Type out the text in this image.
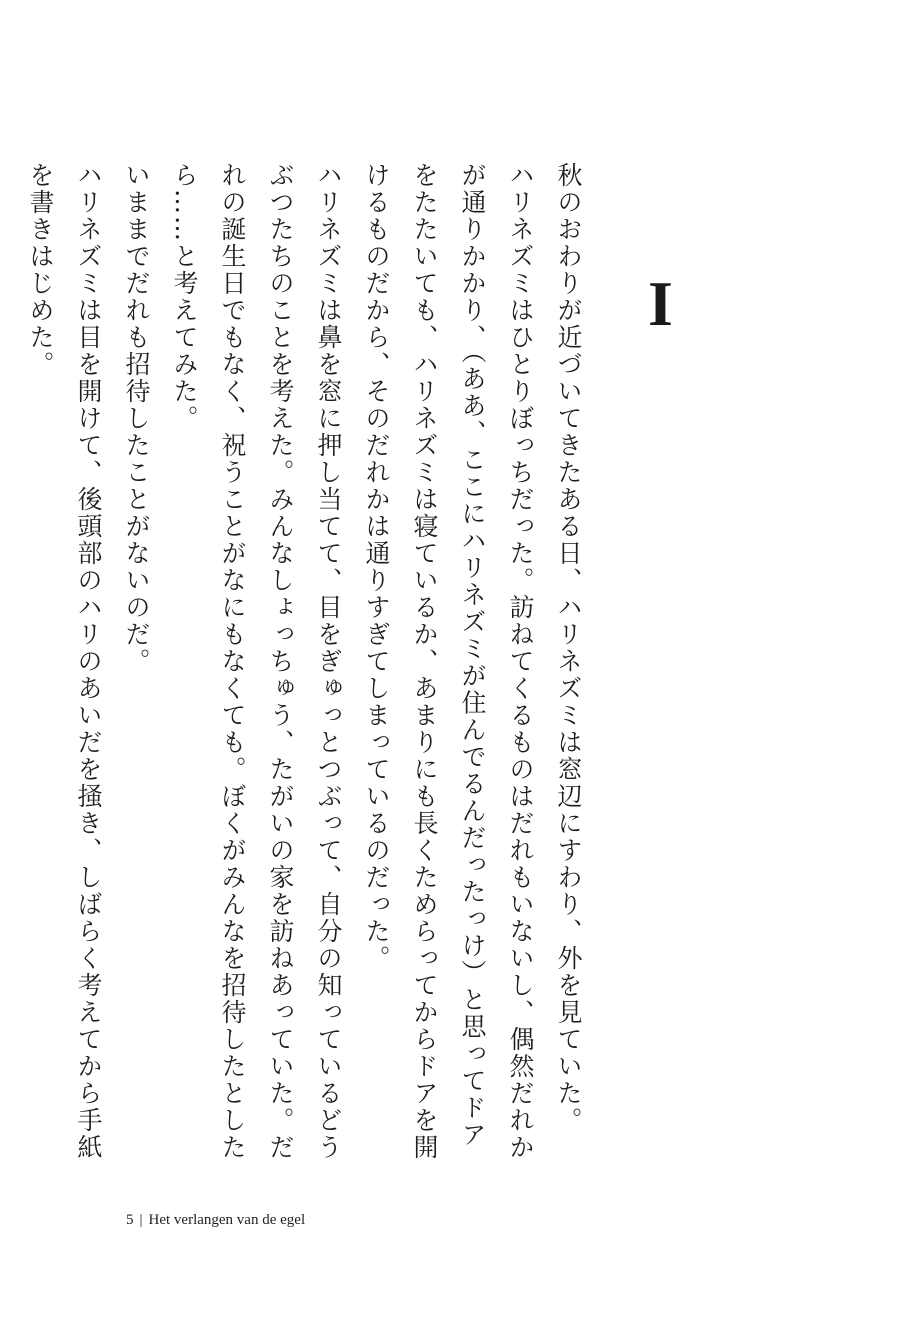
I

秋のおわりが近づいてきたある日、ハリネズミは窓辺にすわり、外を見ていた。

ハリネズミはひとりぼっちだった。訪ねてくるものはだれもいないし、偶然だれかが通りかかり、（ああ、ここにハリネズミが住んでるんだったっけ）と思ってドアをたたいても、ハリネズミは寝ているか、あまりにも長くためらってからドアを開けるものだから、そのだれかは通りすぎてしまっているのだった。

ハリネズミは鼻を窓に押し当てて、目をぎゅっとつぶって、自分の知っているどうぶつたちのことを考えた。みんなしょっちゅう、たがいの家を訪ねあっていた。だれの誕生日でもなく、祝うことがなにもなくても。ぼくがみんなを招待したとしたら……と考えてみた。

いままでだれも招待したことがないのだ。

ハリネズミは目を開けて、後頭部のハリのあいだを掻き、しばらく考えてから手紙を書きはじめた。

5 | Het verlangen van de egel
